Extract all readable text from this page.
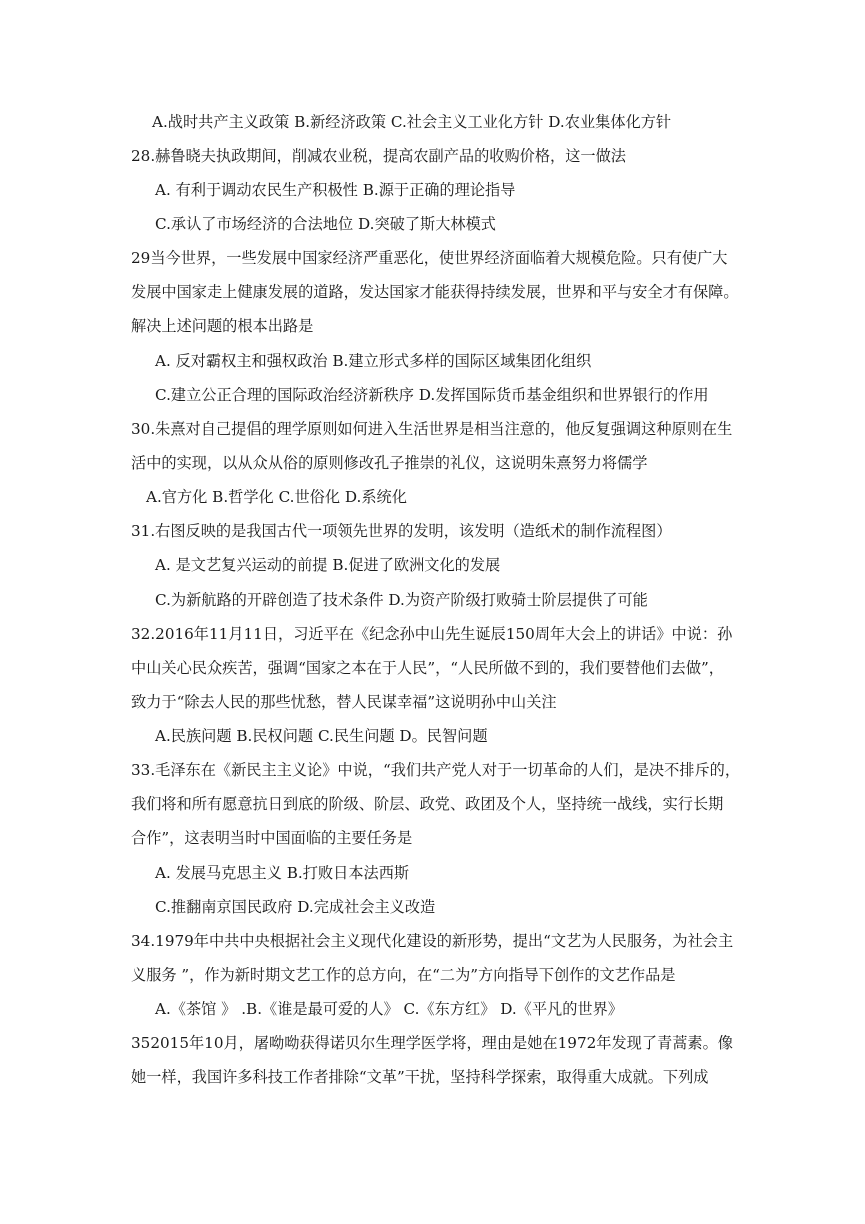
A.战时共产主义政策 B.新经济政策 C.社会主义工业化方针 D.农业集体化方针
28.赫鲁晓夫执政期间，削减农业税，提高农副产品的收购价格，这一做法
A. 有利于调动农民生产积极性 B.源于正确的理论指导
C.承认了市场经济的合法地位 D.突破了斯大林模式
29当今世界，一些发展中国家经济严重恶化，使世界经济面临着大规模危险。只有使广大
发展中国家走上健康发展的道路，发达国家才能获得持续发展，世界和平与安全才有保障。
解决上述问题的根本出路是
A. 反对霸权主和强权政治 B.建立形式多样的国际区域集团化组织
C.建立公正合理的国际政治经济新秩序 D.发挥国际货币基金组织和世界银行的作用
30.朱熹对自己提倡的理学原则如何进入生活世界是相当注意的，他反复强调这种原则在生
活中的实现，以从众从俗的原则修改孔子推崇的礼仪，这说明朱熹努力将儒学
A.官方化 B.哲学化 C.世俗化 D.系统化
31.右图反映的是我国古代一项领先世界的发明，该发明（造纸术的制作流程图）
A. 是文艺复兴运动的前提 B.促进了欧洲文化的发展
C.为新航路的开辟创造了技术条件 D.为资产阶级打败骑士阶层提供了可能
32.2016年11月11日，习近平在《纪念孙中山先生诞辰150周年大会上的讲话》中说：孙
中山关心民众疾苦，强调“国家之本在于人民”，“人民所做不到的，我们要替他们去做”，
致力于“除去人民的那些忧愁，替人民谋幸福”这说明孙中山关注
A.民族问题 B.民权问题 C.民生问题 D。民智问题
33.毛泽东在《新民主主义论》中说，“我们共产党人对于一切革命的人们，是决不排斥的，
我们将和所有愿意抗日到底的阶级、阶层、政党、政团及个人，坚持统一战线，实行长期
合作”，这表明当时中国面临的主要任务是
A. 发展马克思主义 B.打败日本法西斯
C.推翻南京国民政府 D.完成社会主义改造
34.1979年中共中央根据社会主义现代化建设的新形势，提出“文艺为人民服务，为社会主
义服务 ”，作为新时期文艺工作的总方向，在“二为”方向指导下创作的文艺作品是
A.《茶馆 》 .B.《谁是最可爱的人》 C.《东方红》 D.《平凡的世界》
352015年10月，屠呦呦获得诺贝尔生理学医学将，理由是她在1972年发现了青蒿素。像
她一样，我国许多科技工作者排除“文革”干扰，坚持科学探索，取得重大成就。下列成
